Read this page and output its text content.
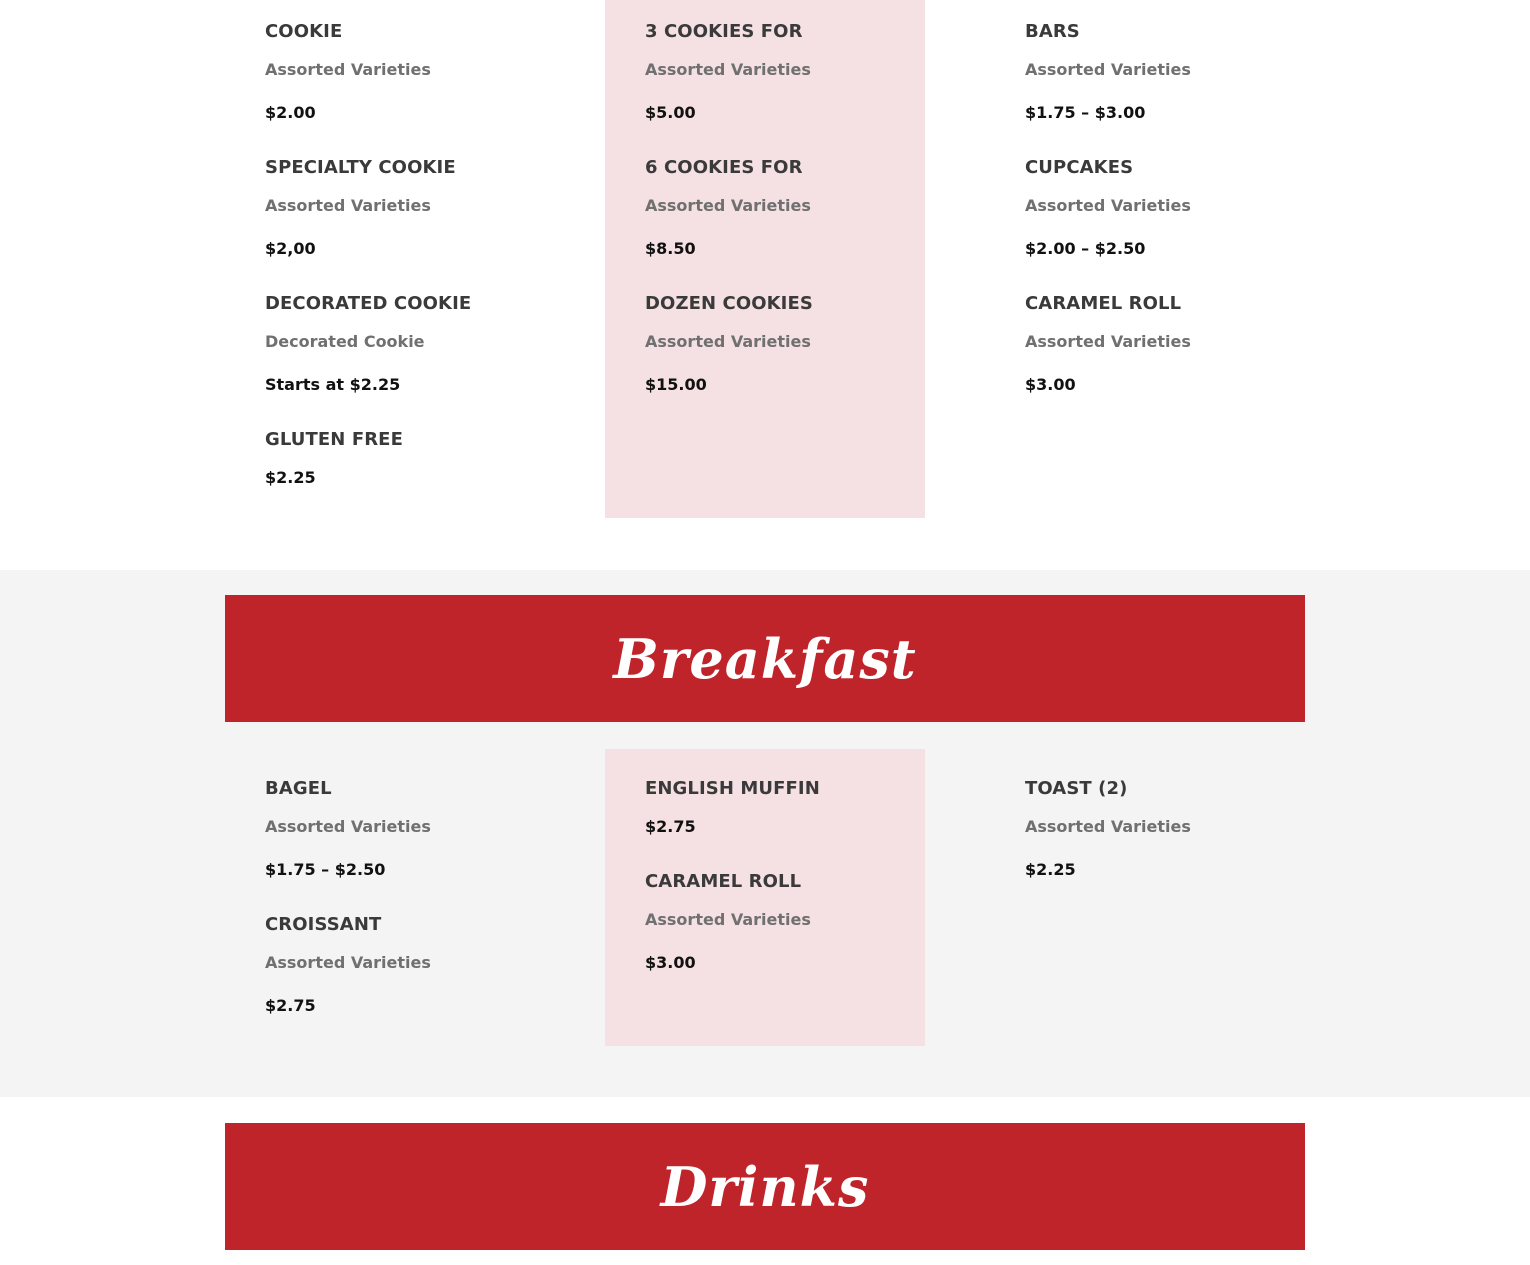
COOKIE
Assorted Varieties
$2.00
SPECIALTY COOKIE
Assorted Varieties
$2,00
DECORATED COOKIE
Decorated Cookie
Starts at $2.25
GLUTEN FREE
$2.25
3 COOKIES FOR
Assorted Varieties
$5.00
6 COOKIES FOR
Assorted Varieties
$8.50
DOZEN COOKIES
Assorted Varieties
$15.00
BARS
Assorted Varieties
$1.75 – $3.00
CUPCAKES
Assorted Varieties
$2.00 – $2.50
CARAMEL ROLL
Assorted Varieties
$3.00
Breakfast
BAGEL
Assorted Varieties
$1.75 – $2.50
CROISSANT
Assorted Varieties
$2.75
ENGLISH MUFFIN
$2.75
CARAMEL ROLL
Assorted Varieties
$3.00
TOAST (2)
Assorted Varieties
$2.25
Drinks
